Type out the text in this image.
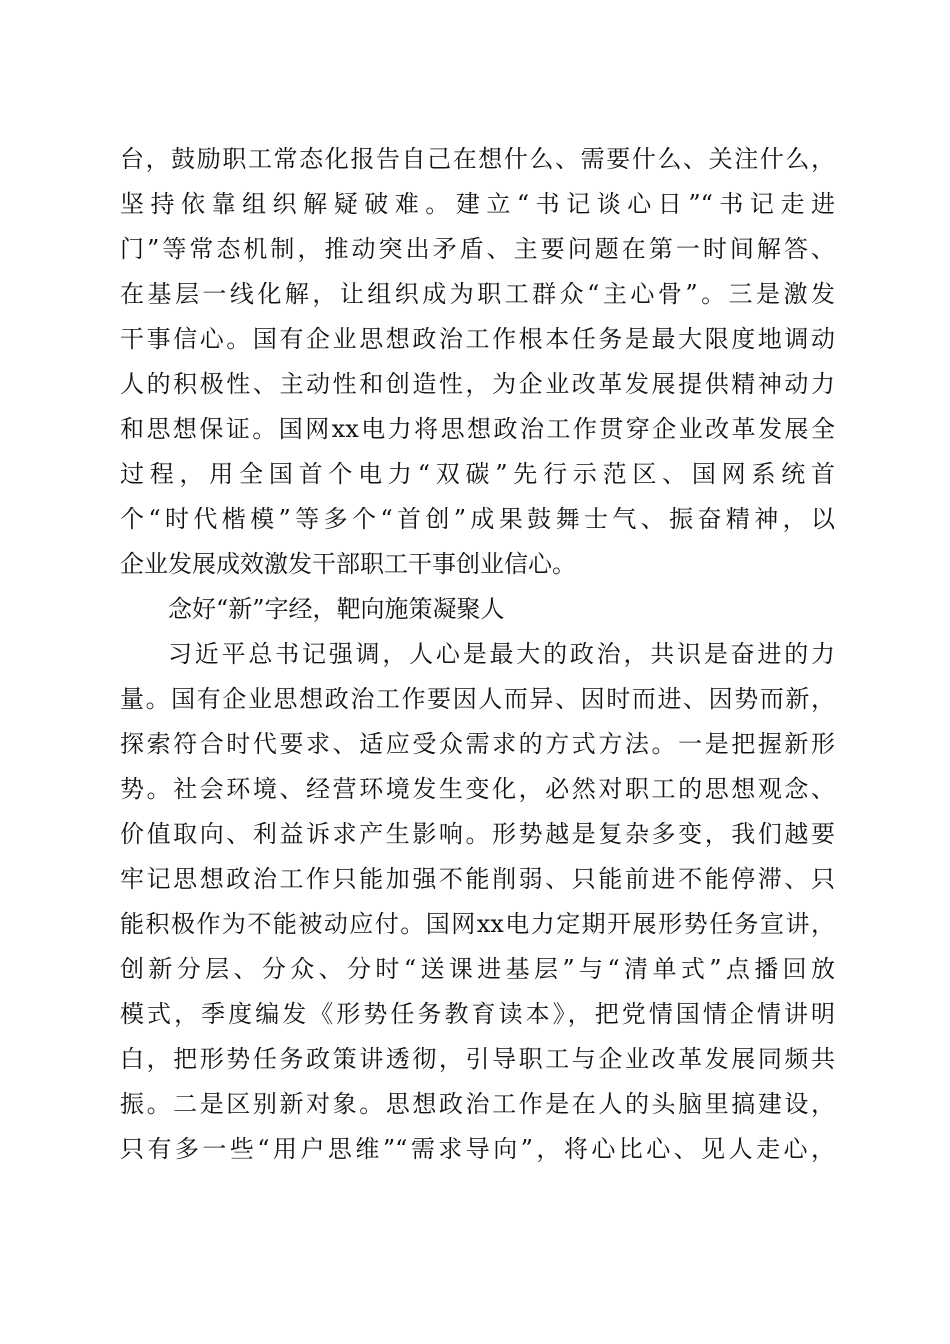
台，鼓励职工常态化报告自己在想什么、需要什么、关注什么，
坚持依靠组织解疑破难。建立“书记谈心日”“书记走进
门”等常态机制，推动突出矛盾、主要问题在第一时间解答、
在基层一线化解，让组织成为职工群众“主心骨”。三是激发
干事信心。国有企业思想政治工作根本任务是最大限度地调动
人的积极性、主动性和创造性，为企业改革发展提供精神动力
和思想保证。国网xx电力将思想政治工作贯穿企业改革发展全
过程，用全国首个电力“双碳”先行示范区、国网系统首
个“时代楷模”等多个“首创”成果鼓舞士气、振奋精神，以
企业发展成效激发干部职工干事创业信心。
念好“新”字经，靶向施策凝聚人
习近平总书记强调，人心是最大的政治，共识是奋进的力
量。国有企业思想政治工作要因人而异、因时而进、因势而新，
探索符合时代要求、适应受众需求的方式方法。一是把握新形
势。社会环境、经营环境发生变化，必然对职工的思想观念、
价值取向、利益诉求产生影响。形势越是复杂多变，我们越要
牢记思想政治工作只能加强不能削弱、只能前进不能停滞、只
能积极作为不能被动应付。国网xx电力定期开展形势任务宣讲，
创新分层、分众、分时“送课进基层”与“清单式”点播回放
模式，季度编发《形势任务教育读本》，把党情国情企情讲明
白，把形势任务政策讲透彻，引导职工与企业改革发展同频共
振。二是区别新对象。思想政治工作是在人的头脑里搞建设，
只有多一些“用户思维”“需求导向”，将心比心、见人走心，
